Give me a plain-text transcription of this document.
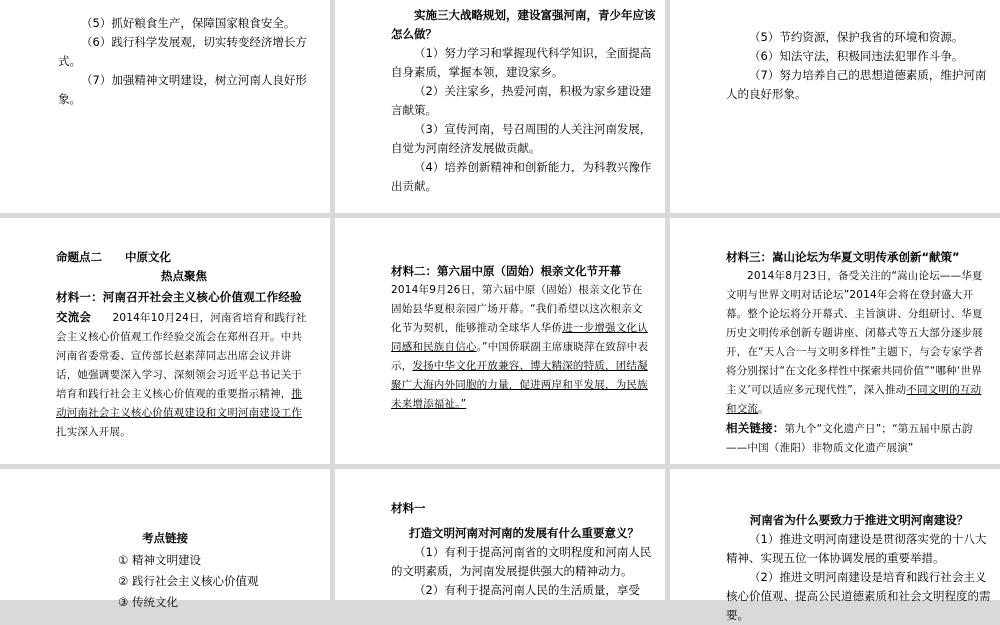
（5）抓好粮食生产，保障国家粮食安全。

（6）践行科学发展观，切实转变经济增长方式。

（7）加强精神文明建设，树立河南人良好形象。

实施三大战略规划，建设富强河南，青少年应该怎么做？

（1）努力学习和掌握现代科学知识，全面提高自身素质，掌握本领，建设家乡。

（2）关注家乡，热爱河南，积极为家乡建设建言献策。

（3）宣传河南，号召周围的人关注河南发展，自觉为河南经济发展做贡献。

（4）培养创新精神和创新能力，为科教兴豫作出贡献。

（5）节约资源，保护我省的环境和资源。

（6）知法守法，积极同违法犯罪作斗争。

（7）努力培养自己的思想道德素质，维护河南人的良好形象。

命题点二　　中原文化

热点聚焦

材料一：河南召开社会主义核心价值观工作经验交流会　　2014年10月24日，河南省培育和践行社会主义核心价值观工作经验交流会在郑州召开。中共河南省委常委、宣传部长赵素萍同志出席会议并讲话，她强调要深入学习、深刻领会习近平总书记关于培育和践行社会主义核心价值观的重要指示精神，推动河南社会主义核心价值观建设和文明河南建设工作扎实深入开展。

材料二：第六届中原（固始）根亲文化节开幕

2014年9月26日，第六届中原（固始）根亲文化节在固始县华夏根亲园广场开幕。“我们希望以这次根亲文化节为契机，能够推动全球华人华侨进一步增强文化认同感和民族自信心。”中国侨联副主席康晓萍在致辞中表示，发扬中华文化开放兼容、博大精深的特质，团结凝聚广大海内外同胞的力量，促进两岸和平发展，为民族未来增添福祉。”

材料三：嵩山论坛为华夏文明传承创新“献策”

2014年8月23日，备受关注的“嵩山论坛——华夏文明与世界文明对话论坛”2014年会将在登封盛大开幕。整个论坛将分开幕式、主旨演讲、分组研讨、华夏历史文明传承创新专题讲座、闭幕式等五大部分逐步展开，在“天人合一与文明多样性”主题下，与会专家学者将分别探讨“在文化多样性中探索共同价值”“哪种‘世界主义’可以适应多元现代性”，深入推动不同文明的互动和交流。

相关链接：第九个“文化遗产日”；“第五届中原古韵——中国（淮阳）非物质文化遗产展演”

考点链接

① 精神文明建设

② 践行社会主义核心价值观

③ 传统文化

材料一

打造文明河南对河南的发展有什么重要意义？

（1）有利于提高河南省的文明程度和河南人民的文明素质，为河南发展提供强大的精神动力。

（2）有利于提高河南人民的生活质量，享受

河南省为什么要致力于推进文明河南建设？

（1）推进文明河南建设是贯彻落实党的十八大精神、实现五位一体协调发展的重要举措。

（2）推进文明河南建设是培育和践行社会主义核心价值观、提高公民道德素质和社会文明程度的需要。
